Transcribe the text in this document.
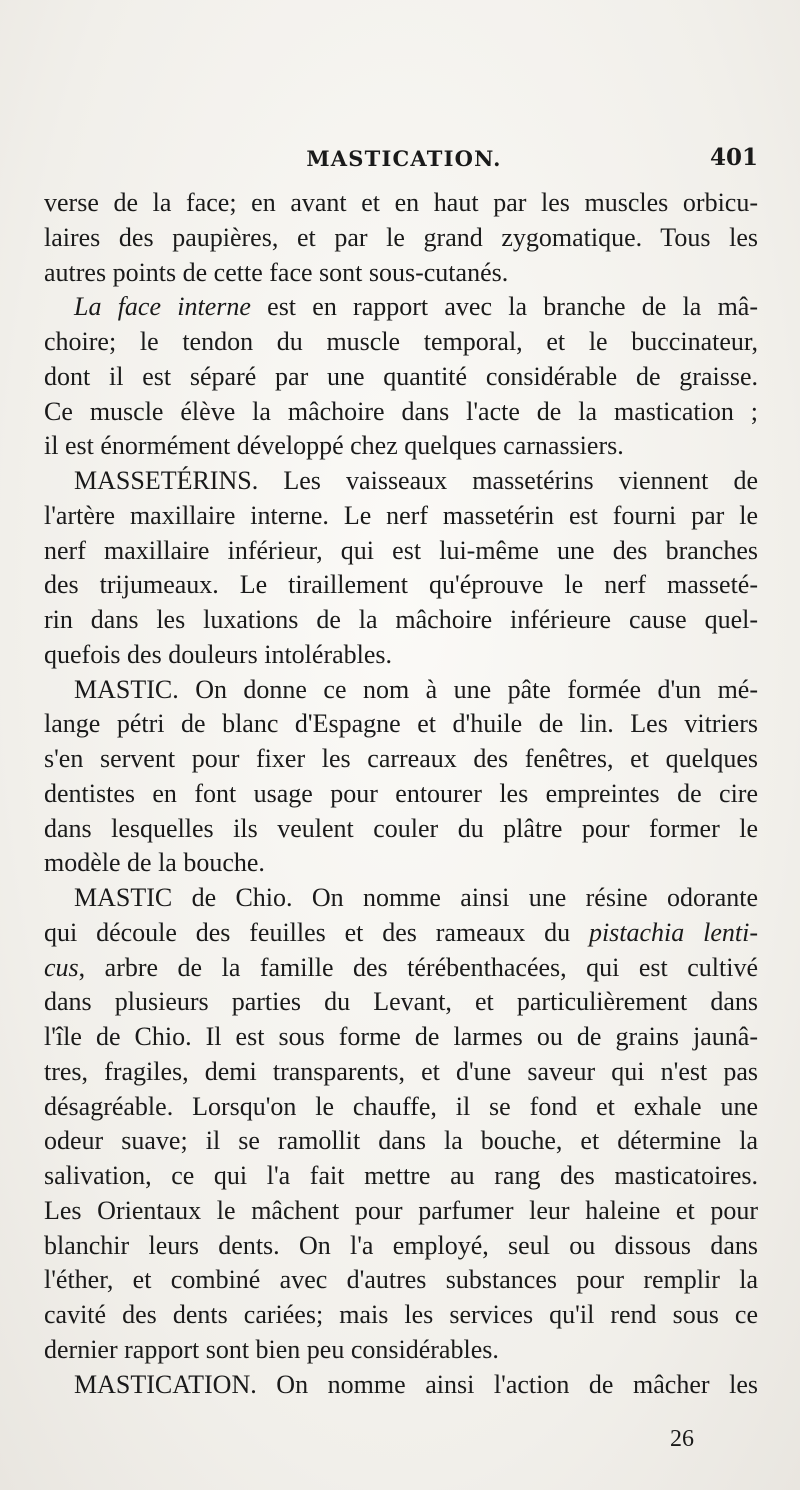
MASTICATION.	401
verse de la face; en avant et en haut par les muscles orbicu-
laires des paupières, et par le grand zygomatique. Tous les
autres points de cette face sont sous-cutanés.
La face interne est en rapport avec la branche de la mâ-
choire; le tendon du muscle temporal, et le buccinateur,
dont il est séparé par une quantité considérable de graisse.
Ce muscle élève la mâchoire dans l'acte de la mastication ;
il est énormément développé chez quelques carnassiers.
MASSETÉRINS. Les vaisseaux massetérins viennent de
l'artère maxillaire interne. Le nerf massetérin est fourni par le
nerf maxillaire inférieur, qui est lui-même une des branches
des trijumeaux. Le tiraillement qu'éprouve le nerf masseté-
rin dans les luxations de la mâchoire inférieure cause quel-
quefois des douleurs intolérables.
MASTIC. On donne ce nom à une pâte formée d'un mé-
lange pétri de blanc d'Espagne et d'huile de lin. Les vitriers
s'en servent pour fixer les carreaux des fenêtres, et quelques
dentistes en font usage pour entourer les empreintes de cire
dans lesquelles ils veulent couler du plâtre pour former le
modèle de la bouche.
MASTIC de Chio. On nomme ainsi une résine odorante
qui découle des feuilles et des rameaux du pistachia lenti-
cus, arbre de la famille des térébenthacées, qui est cultivé
dans plusieurs parties du Levant, et particulièrement dans
l'île de Chio. Il est sous forme de larmes ou de grains jaunâ-
tres, fragiles, demi transparents, et d'une saveur qui n'est pas
désagréable. Lorsqu'on le chauffe, il se fond et exhale une
odeur suave; il se ramollit dans la bouche, et détermine la
salivation, ce qui l'a fait mettre au rang des masticatoires.
Les Orientaux le mâchent pour parfumer leur haleine et pour
blanchir leurs dents. On l'a employé, seul ou dissous dans
l'éther, et combiné avec d'autres substances pour remplir la
cavité des dents cariées; mais les services qu'il rend sous ce
dernier rapport sont bien peu considérables.
MASTICATION. On nomme ainsi l'action de mâcher les
26
